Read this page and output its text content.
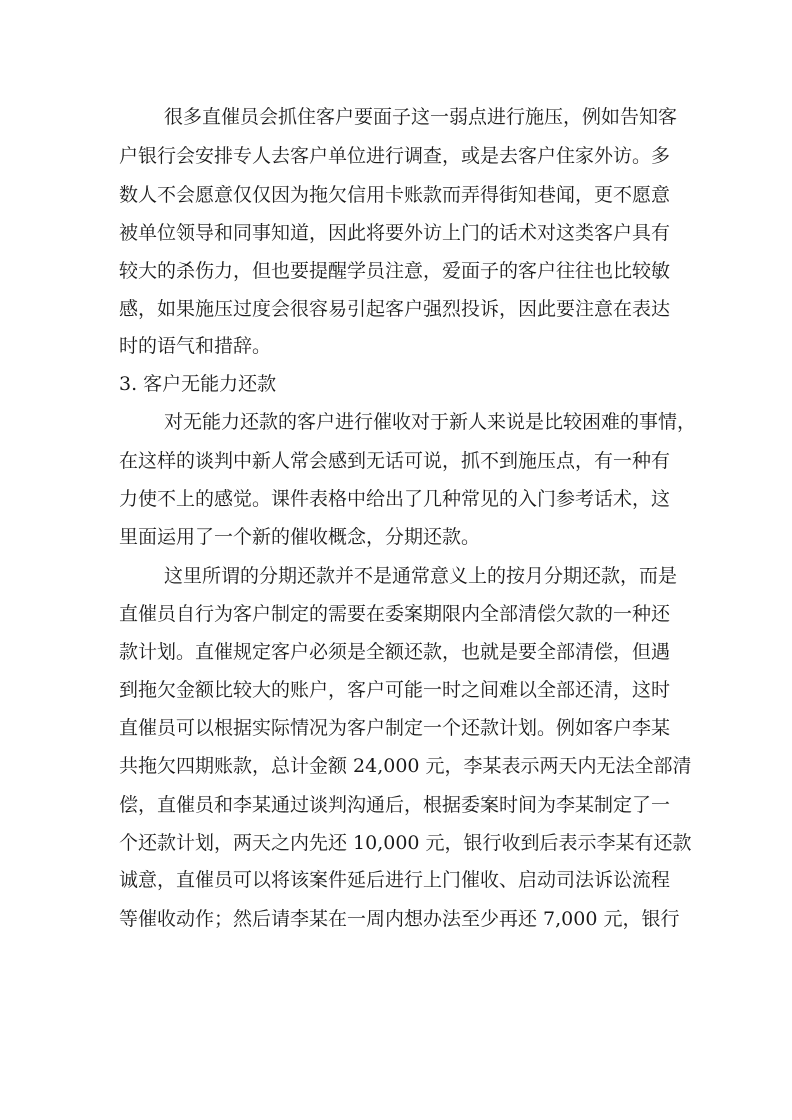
很多直催员会抓住客户要面子这一弱点进行施压，例如告知客
户银行会安排专人去客户单位进行调查，或是去客户住家外访。多
数人不会愿意仅仅因为拖欠信用卡账款而弄得街知巷闻，更不愿意
被单位领导和同事知道，因此将要外访上门的话术对这类客户具有
较大的杀伤力，但也要提醒学员注意，爱面子的客户往往也比较敏
感，如果施压过度会很容易引起客户强烈投诉，因此要注意在表达
时的语气和措辞。
3. 客户无能力还款
对无能力还款的客户进行催收对于新人来说是比较困难的事情，
在这样的谈判中新人常会感到无话可说，抓不到施压点，有一种有
力使不上的感觉。课件表格中给出了几种常见的入门参考话术，这
里面运用了一个新的催收概念，分期还款。
这里所谓的分期还款并不是通常意义上的按月分期还款，而是
直催员自行为客户制定的需要在委案期限内全部清偿欠款的一种还
款计划。直催规定客户必须是全额还款，也就是要全部清偿，但遇
到拖欠金额比较大的账户，客户可能一时之间难以全部还清，这时
直催员可以根据实际情况为客户制定一个还款计划。例如客户李某
共拖欠四期账款，总计金额 24,000 元，李某表示两天内无法全部清
偿，直催员和李某通过谈判沟通后，根据委案时间为李某制定了一
个还款计划，两天之内先还 10,000 元，银行收到后表示李某有还款
诚意，直催员可以将该案件延后进行上门催收、启动司法诉讼流程
等催收动作；然后请李某在一周内想办法至少再还 7,000 元，银行
